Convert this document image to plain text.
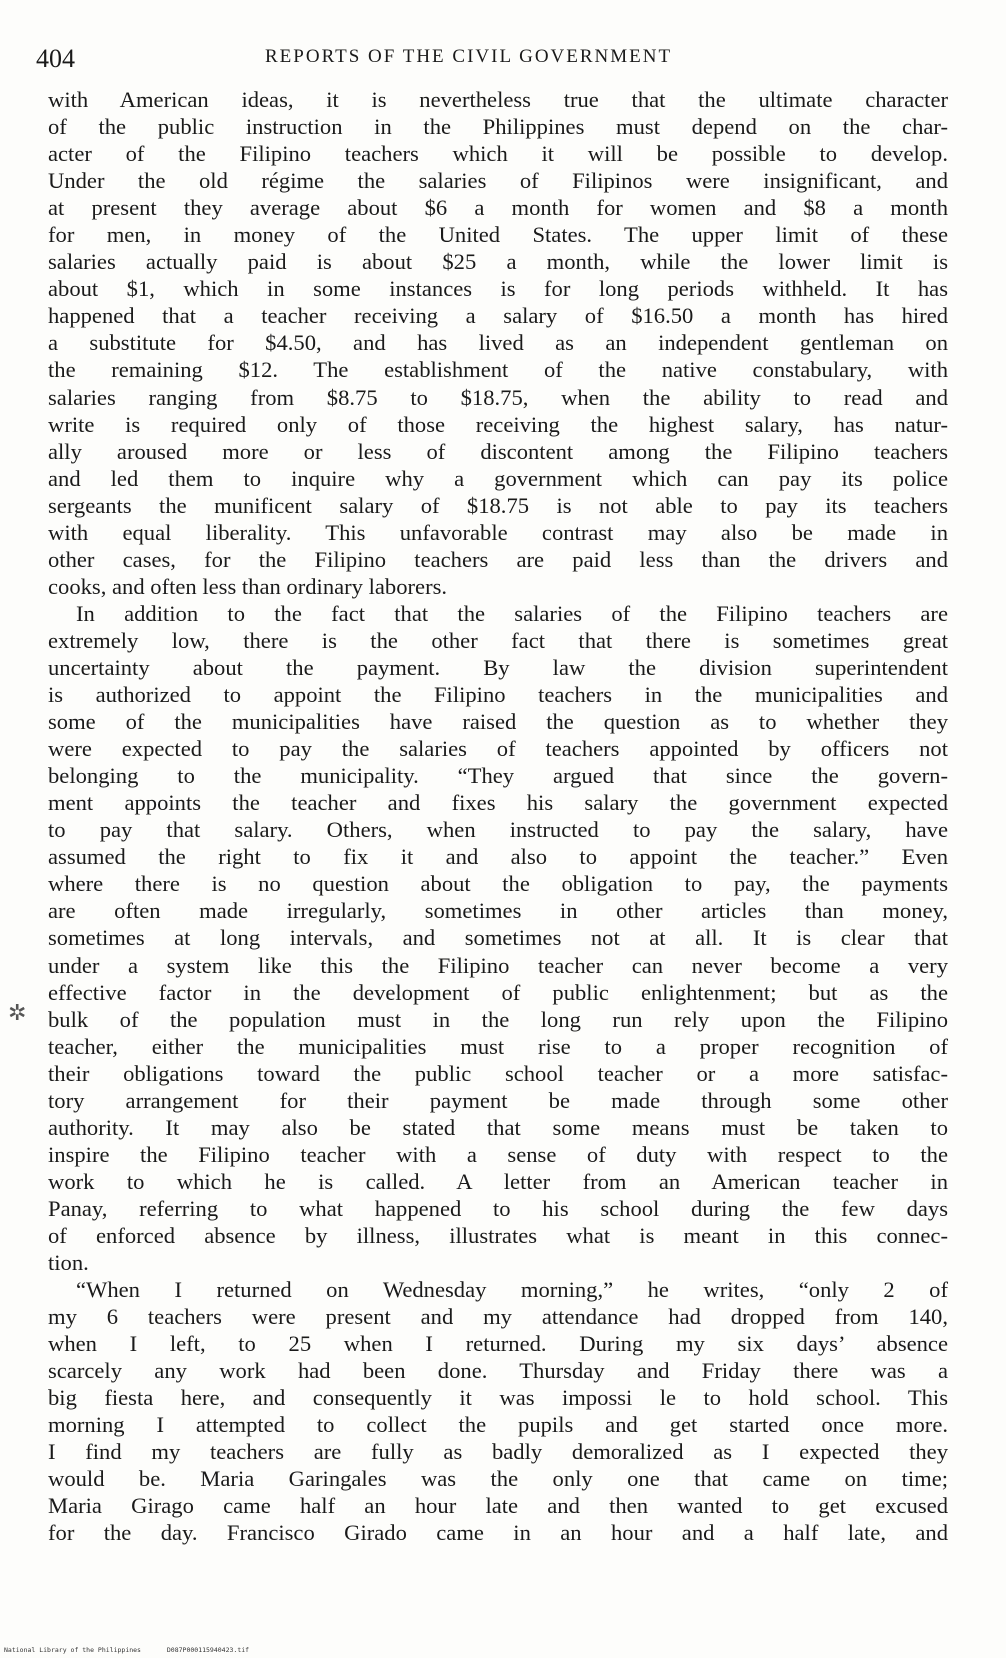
404	REPORTS OF THE CIVIL GOVERNMENT
with American ideas, it is nevertheless true that the ultimate character
of the public instruction in the Philippines must depend on the char-
acter of the Filipino teachers which it will be possible to develop.
Under the old régime the salaries of Filipinos were insignificant, and
at present they average about $6 a month for women and $8 a month
for men, in money of the United States. The upper limit of these
salaries actually paid is about $25 a month, while the lower limit is
about $1, which in some instances is for long periods withheld. It has
happened that a teacher receiving a salary of $16.50 a month has hired
a substitute for $4.50, and has lived as an independent gentleman on
the remaining $12. The establishment of the native constabulary, with
salaries ranging from $8.75 to $18.75, when the ability to read and
write is required only of those receiving the highest salary, has natur-
ally aroused more or less of discontent among the Filipino teachers
and led them to inquire why a government which can pay its police
sergeants the munificent salary of $18.75 is not able to pay its teachers
with equal liberality. This unfavorable contrast may also be made in
other cases, for the Filipino teachers are paid less than the drivers and
cooks, and often less than ordinary laborers.
In addition to the fact that the salaries of the Filipino teachers are
extremely low, there is the other fact that there is sometimes great
uncertainty about the payment. By law the division superintendent
is authorized to appoint the Filipino teachers in the municipalities and
some of the municipalities have raised the question as to whether they
were expected to pay the salaries of teachers appointed by officers not
belonging to the municipality. “They argued that since the govern-
ment appoints the teacher and fixes his salary the government expected
to pay that salary. Others, when instructed to pay the salary, have
assumed the right to fix it and also to appoint the teacher.” Even
where there is no question about the obligation to pay, the payments
are often made irregularly, sometimes in other articles than money,
sometimes at long intervals, and sometimes not at all. It is clear that
under a system like this the Filipino teacher can never become a very
effective factor in the development of public enlightenment; but as the
bulk of the population must in the long run rely upon the Filipino
teacher, either the municipalities must rise to a proper recognition of
their obligations toward the public school teacher or a more satisfac-
tory arrangement for their payment be made through some other
authority. It may also be stated that some means must be taken to
inspire the Filipino teacher with a sense of duty with respect to the
work to which he is called. A letter from an American teacher in
Panay, referring to what happened to his school during the few days
of enforced absence by illness, illustrates what is meant in this connec-
tion.
“When I returned on Wednesday morning,” he writes, “only 2 of
my 6 teachers were present and my attendance had dropped from 140,
when I left, to 25 when I returned. During my six days’ absence
scarcely any work had been done. Thursday and Friday there was a
big fiesta here, and consequently it was impossi le to hold school. This
morning I attempted to collect the pupils and get started once more.
I find my teachers are fully as badly demoralized as I expected they
would be. Maria Garingales was the only one that came on time;
Maria Girago came half an hour late and then wanted to get excused
for the day. Francisco Girado came in an hour and a half late, and
✲
National Library of the Philippines	D087P000115940423.tif
